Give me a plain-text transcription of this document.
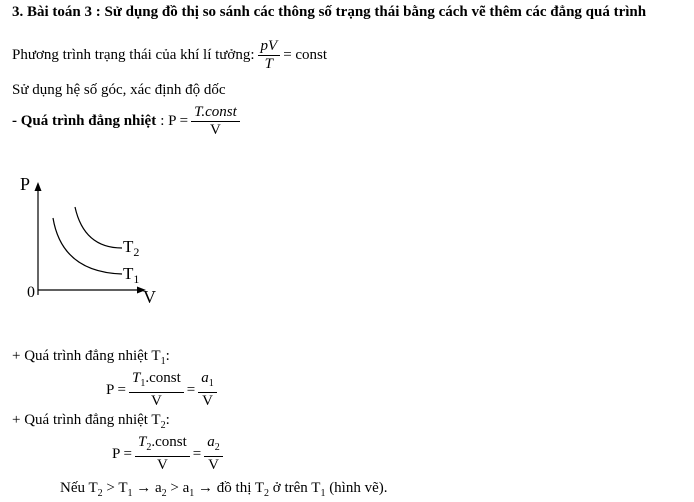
3. Bài toán 3 : Sử dụng đồ thị so sánh các thông số trạng thái bằng cách vẽ thêm các đẳng quá trình
Phương trình trạng thái của khí lí tưởng: $\frac{pV}{T}$ = const
Sử dụng hệ số góc, xác định độ dốc
- Quá trình đẳng nhiệt : $P = \frac{\text{T.const}}{V}$
P
V
0
$T_2$
$T_1$
+ Quá trình đẳng nhiệt $T_1$:
$P = \frac{T_1.const}{V} = \frac{a_1}{V}$
+ Quá trình đẳng nhiệt $T_2$:
$P = \frac{T_2.const}{V} = \frac{a_2}{V}$
Nếu $T_2 > T_1 \to a_2 > a_1$ → đồ thị $T_2$ ở trên $T_1$ (hình vẽ).
